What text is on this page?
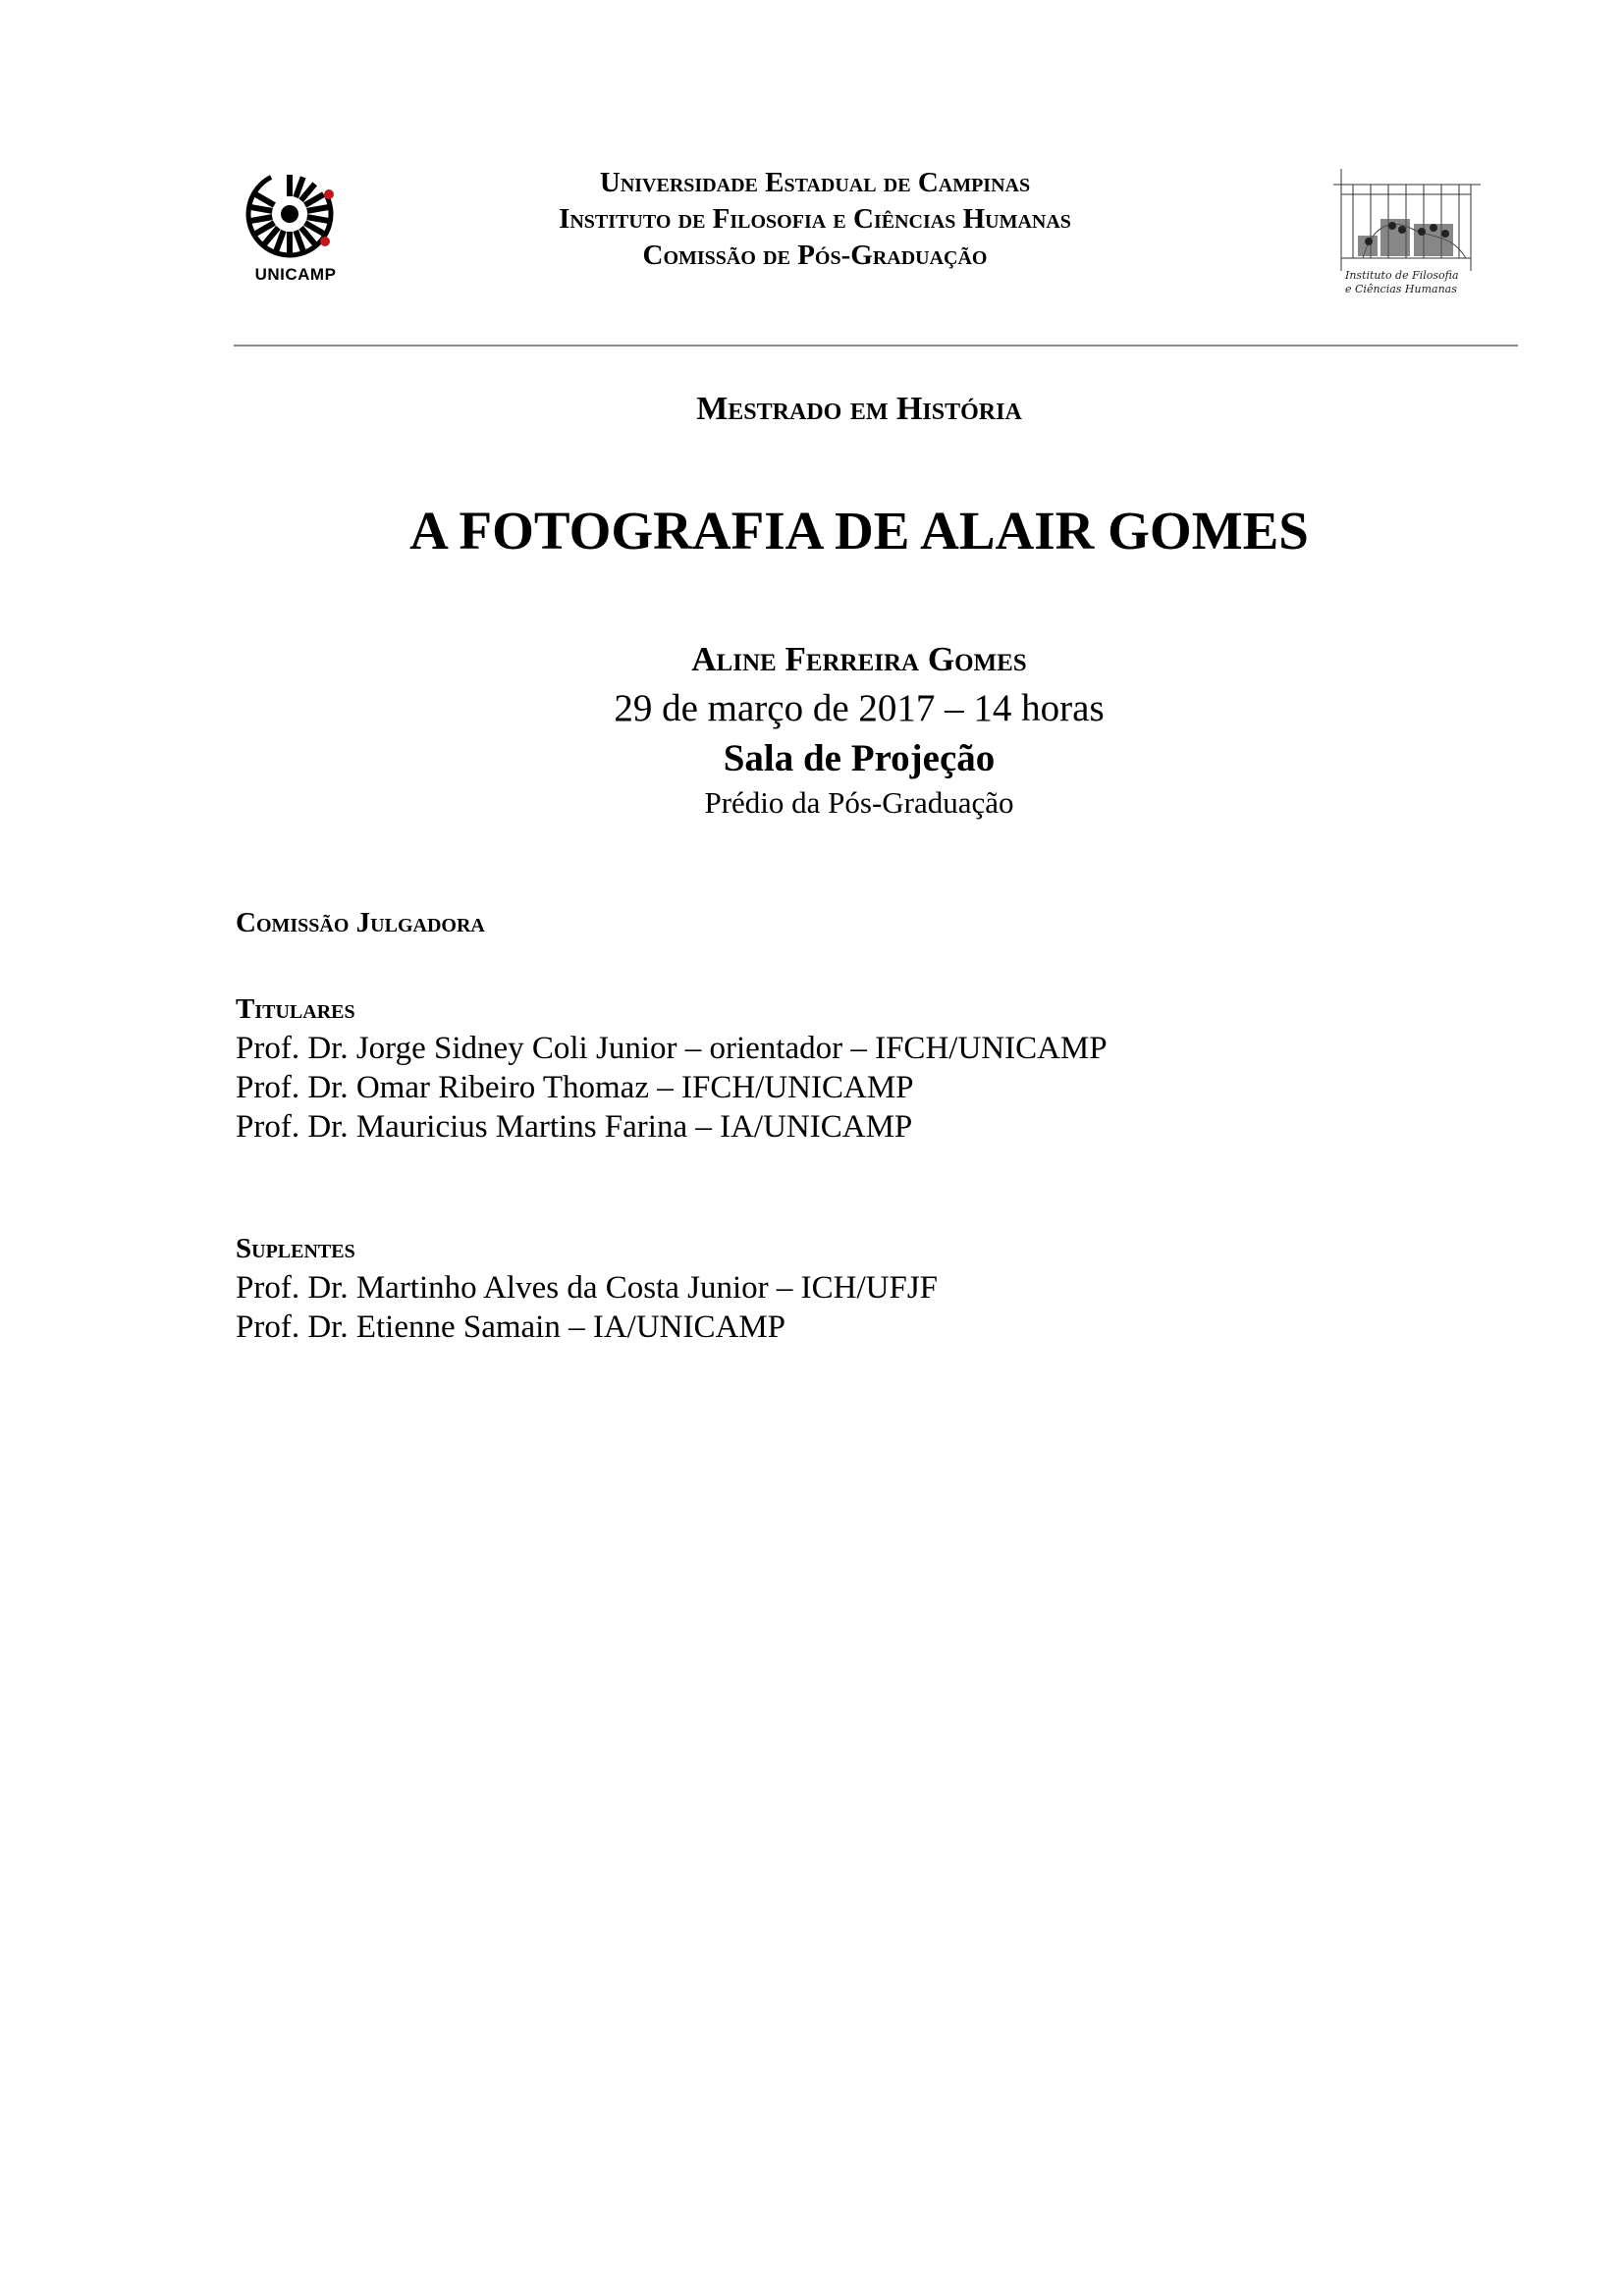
UNICAMP
Universidade Estadual de Campinas
Instituto de Filosofia e Ciências Humanas
Comissão de Pós-Graduação
Instituto de Filosofia
e Ciências Humanas
Mestrado em História
A FOTOGRAFIA DE ALAIR GOMES
Aline Ferreira Gomes
29 de março de 2017 – 14 horas
Sala de Projeção
Prédio da Pós-Graduação
Comissão Julgadora
Titulares
Prof. Dr. Jorge Sidney Coli Junior – orientador – IFCH/UNICAMP
Prof. Dr. Omar Ribeiro Thomaz – IFCH/UNICAMP
Prof. Dr. Mauricius Martins Farina – IA/UNICAMP
Suplentes
Prof. Dr. Martinho Alves da Costa Junior – ICH/UFJF
Prof. Dr. Etienne Samain – IA/UNICAMP
